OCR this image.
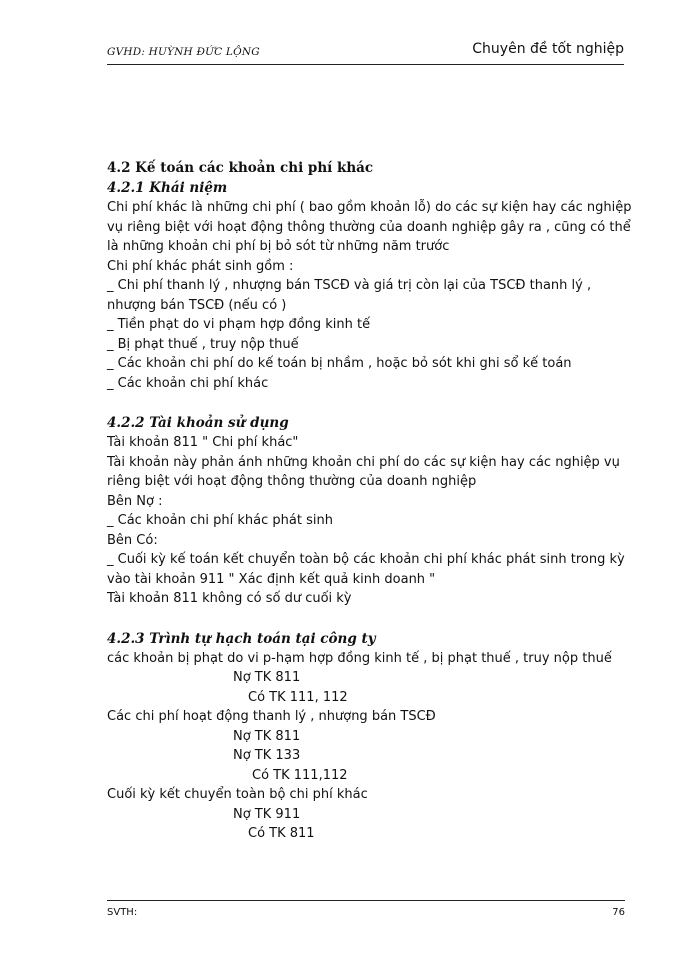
GVHD: HUỲNH ĐỨC LỘNG	Chuyên đề tốt nghiệp
4.2 Kế toán các khoản chi phí khác
4.2.1 Khái niệm
Chi phí khác là những chi phí ( bao gồm khoản lỗ) do các sự kiện hay các nghiệp
vụ riêng biệt với hoạt động thông thường của doanh nghiệp gây ra , cũng có thể
là những khoản chi phí bị bỏ sót từ những năm trước
Chi phí khác phát sinh gồm :
_ Chi phí thanh lý , nhượng bán TSCĐ và giá trị còn lại của TSCĐ thanh lý ,
nhượng bán TSCĐ (nếu có )
_ Tiền phạt do vi phạm hợp đồng kinh tế
_ Bị phạt thuế , truy nộp thuế
_ Các khoản chi phí do kế toán bị nhầm , hoặc bỏ sót khi ghi sổ kế toán
_ Các khoản chi phí khác
4.2.2 Tài khoản sử dụng
Tài khoản 811 " Chi phí khác"
Tài khoản này phản ánh những khoản chi phí do các sự kiện hay các nghiệp vụ
riêng biệt với hoạt động thông thường của doanh nghiệp
Bên Nợ :
_ Các khoản chi phí khác phát sinh
Bên Có:
_ Cuối kỳ kế toán kết chuyển toàn bộ các khoản chi phí khác phát sinh trong kỳ
vào tài khoản 911 " Xác định kết quả kinh doanh "
Tài khoản 811 không có số dư cuối kỳ
4.2.3 Trình tự hạch toán tại công ty
các khoản bị phạt do vi p-hạm hợp đồng kinh tế , bị phạt thuế , truy nộp thuế
Nợ TK 811
Có TK 111, 112
Các chi phí hoạt động thanh lý , nhượng bán TSCĐ
Nợ TK 811
Nợ TK 133
Có TK 111,112
Cuối kỳ kết chuyển toàn bộ chi phí khác
Nợ TK 911
Có TK 811
SVTH:	76
